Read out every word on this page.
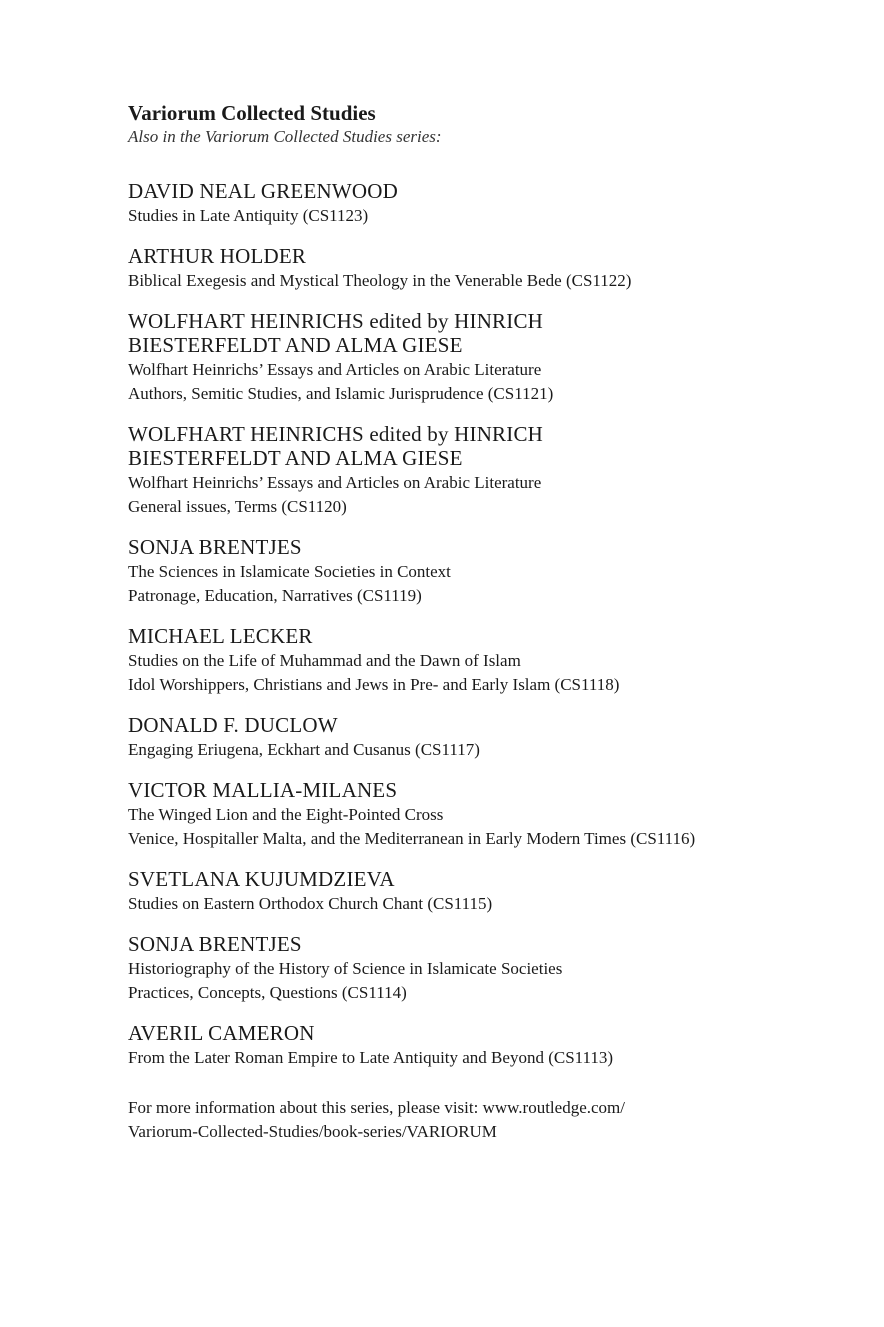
Variorum Collected Studies
Also in the Variorum Collected Studies series:
DAVID NEAL GREENWOOD
Studies in Late Antiquity (CS1123)
ARTHUR HOLDER
Biblical Exegesis and Mystical Theology in the Venerable Bede (CS1122)
WOLFHART HEINRICHS edited by HINRICH
BIESTERFELDT AND ALMA GIESE
Wolfhart Heinrichs’ Essays and Articles on Arabic Literature
Authors, Semitic Studies, and Islamic Jurisprudence (CS1121)
WOLFHART HEINRICHS edited by HINRICH
BIESTERFELDT AND ALMA GIESE
Wolfhart Heinrichs’ Essays and Articles on Arabic Literature
General issues, Terms (CS1120)
SONJA BRENTJES
The Sciences in Islamicate Societies in Context
Patronage, Education, Narratives (CS1119)
MICHAEL LECKER
Studies on the Life of Muhammad and the Dawn of Islam
Idol Worshippers, Christians and Jews in Pre- and Early Islam (CS1118)
DONALD F. DUCLOW
Engaging Eriugena, Eckhart and Cusanus (CS1117)
VICTOR MALLIA-MILANES
The Winged Lion and the Eight-Pointed Cross
Venice, Hospitaller Malta, and the Mediterranean in Early Modern Times (CS1116)
SVETLANA KUJUMDZIEVA
Studies on Eastern Orthodox Church Chant (CS1115)
SONJA BRENTJES
Historiography of the History of Science in Islamicate Societies
Practices, Concepts, Questions (CS1114)
AVERIL CAMERON
From the Later Roman Empire to Late Antiquity and Beyond (CS1113)
For more information about this series, please visit: www.routledge.com/
Variorum-Collected-Studies/book-series/VARIORUM
